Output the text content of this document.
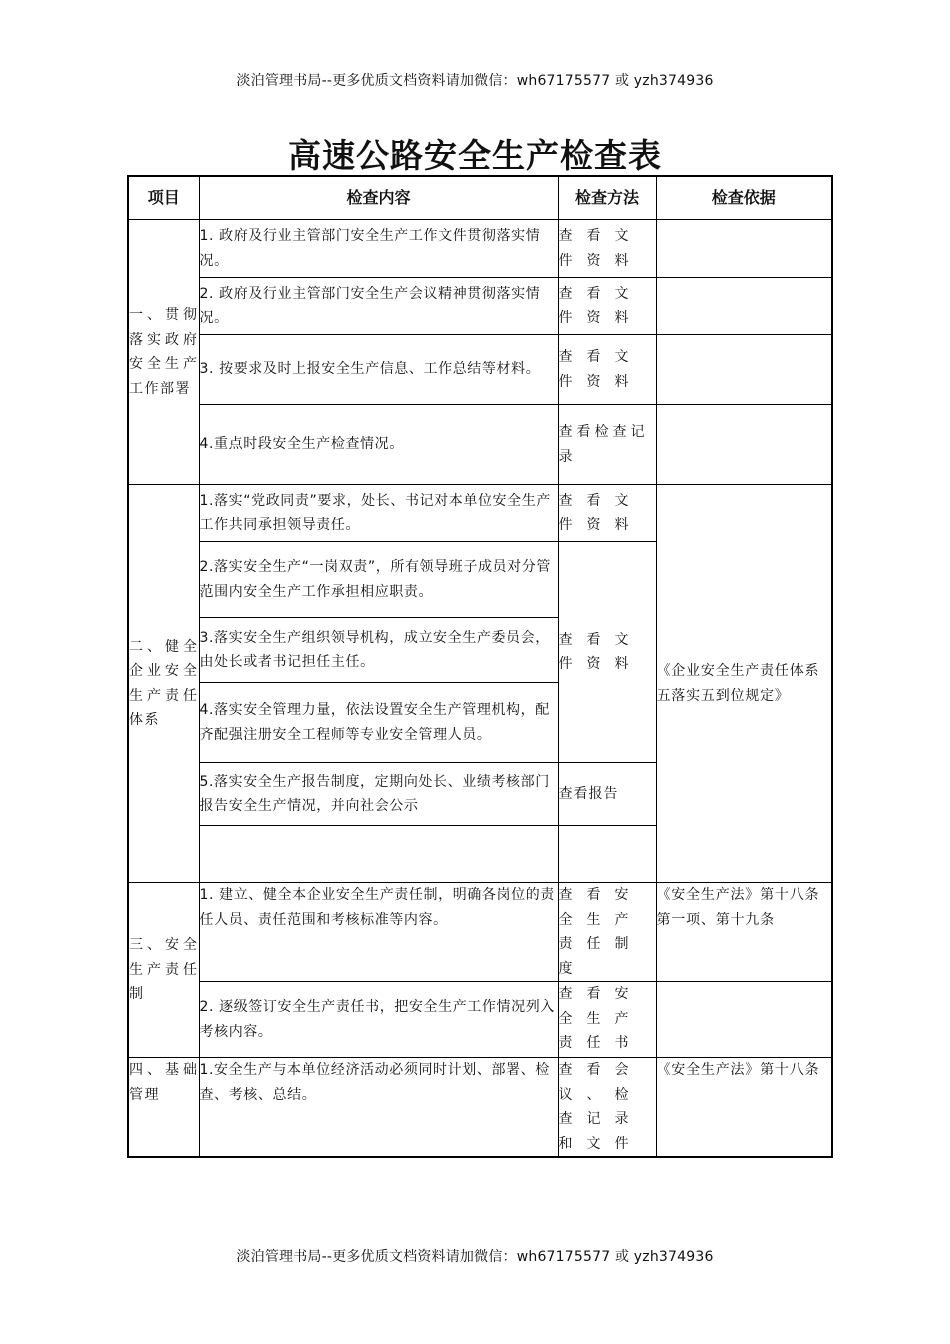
淡泊管理书局--更多优质文档资料请加微信：wh67175577 或 yzh374936
高速公路安全生产检查表
项目	检查内容	检查方法	检查依据
一、贯彻落实政府安全生产工作部署	1. 政府及行业主管部门安全生产工作文件贯彻落实情况。	查看文件资料	
	2. 政府及行业主管部门安全生产会议精神贯彻落实情况。	查看文件资料	
	3. 按要求及时上报安全生产信息、工作总结等材料。	查看文件资料	
	4.重点时段安全生产检查情况。	查看检查记录	
二、健全企业安全生产责任体系	1.落实“党政同责”要求，处长、书记对本单位安全生产工作共同承担领导责任。	查看文件资料	《企业安全生产责任体系五落实五到位规定》
	2.落实安全生产“一岗双责”，所有领导班子成员对分管范围内安全生产工作承担相应职责。	查看文件资料	
	3.落实安全生产组织领导机构，成立安全生产委员会，由处长或者书记担任主任。		
	4.落实安全管理力量，依法设置安全生产管理机构，配齐配强注册安全工程师等专业安全管理人员。		
	5.落实安全生产报告制度，定期向处长、业绩考核部门报告安全生产情况，并向社会公示	查看报告	

三、安全生产责任制	1. 建立、健全本企业安全生产责任制，明确各岗位的责任人员、责任范围和考核标准等内容。	查看安全生产责任制度	《安全生产法》第十八条第一项、第十九条
	2. 逐级签订安全生产责任书，把安全生产工作情况列入考核内容。	查看安全生产责任书	
四、基础管理	1.安全生产与本单位经济活动必须同时计划、部署、检查、考核、总结。	查看会议、检查记录和文件	《安全生产法》第十八条
淡泊管理书局--更多优质文档资料请加微信：wh67175577 或 yzh374936
